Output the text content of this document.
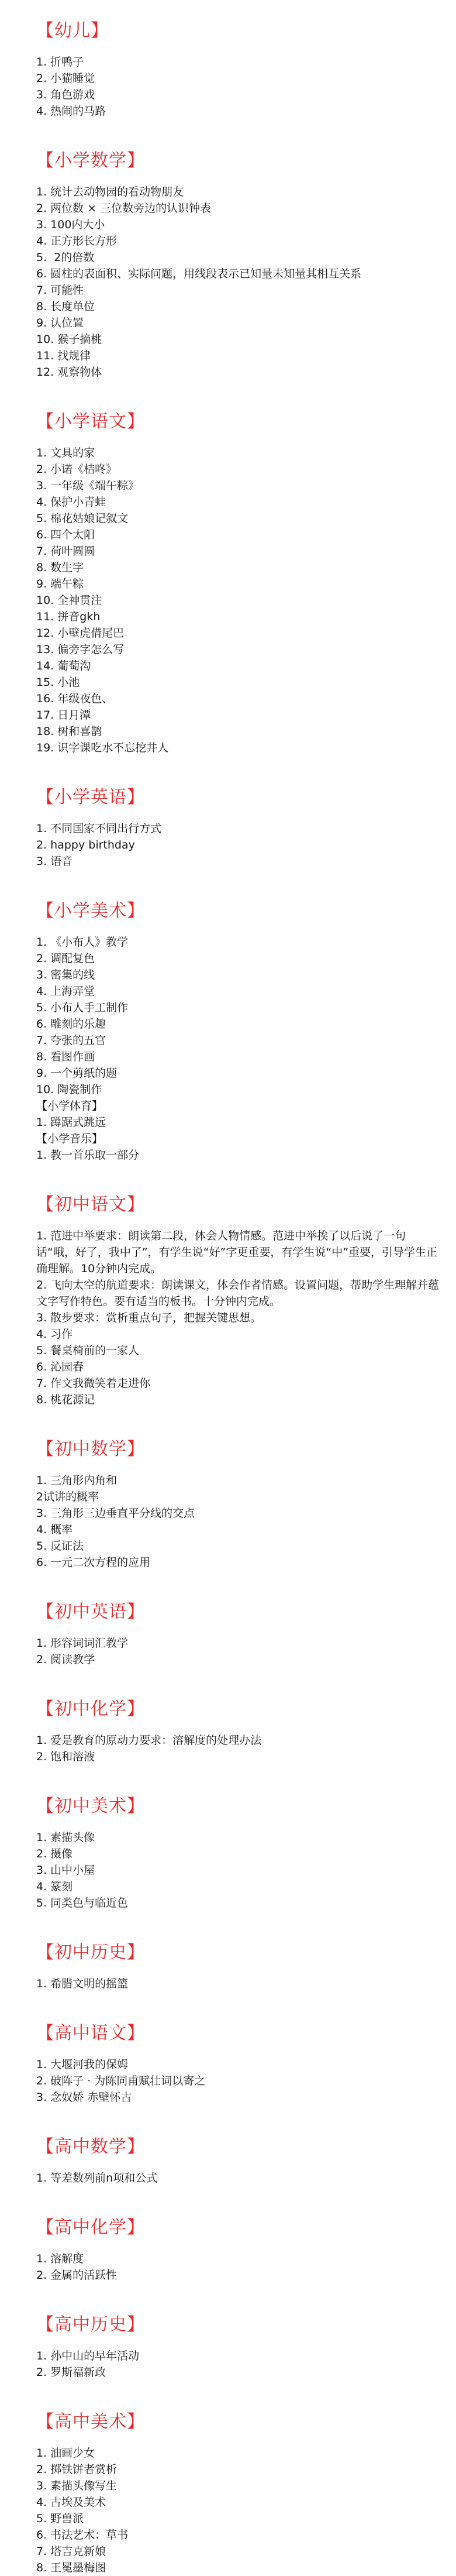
【幼儿】
1. 折鸭子
2. 小猫睡觉
3. 角色游戏
4. 热闹的马路
【小学数学】
1. 统计去动物园的看动物朋友
2. 两位数 × 三位数旁边的认识钟表
3. 100内大小
4. 正方形长方形
5.  2的倍数
6. 圆柱的表面积、实际问题，用线段表示已知量未知量其相互关系
7. 可能性
8. 长度单位
9. 认位置
10. 猴子摘桃
11. 找规律
12. 观察物体
【小学语文】
1. 文具的家
2. 小诺《桔咚》
3. 一年级《端午粽》
4. 保护小青蛙
5. 棉花姑娘记叙文
6. 四个太阳
7. 荷叶圆圆
8. 数生字
9. 端午粽
10. 全神贯注
11. 拼音gkh
12. 小壁虎借尾巴
13. 偏旁字怎么写
14. 葡萄沟
15. 小池
16. 年级夜色、
17. 日月潭
18. 树和喜鹊
19. 识字课吃水不忘挖井人
【小学英语】
1. 不同国家不同出行方式
2. happy birthday
3. 语音
【小学美术】
1. 《小布人》教学
2. 调配复色
3. 密集的线
4. 上海弄堂
5. 小布人手工制作
6. 雕刻的乐趣
7. 夸张的五官
8. 看图作画
9. 一个剪纸的题
10. 陶瓷制作
【小学体育】
1. 蹲踞式跳远
【小学音乐】
1. 教一首乐取一部分
【初中语文】
1. 范进中举要求：朗读第二段，体会人物情感。范进中举挨了以后说了一句话“哦，好了，我中了”，有学生说“好”字更重要，有学生说“中”重要，引导学生正确理解。10分钟内完成。
2. 飞向太空的航道要求：朗读课文，体会作者情感。设置问题，帮助学生理解并蕴文字写作特色。要有适当的板书。十分钟内完成。
3. 散步要求：赏析重点句子，把握关键思想。
4. 习作
5. 餐桌椅前的一家人
6. 沁园春
7. 作文我微笑着走进你
8. 桃花源记
【初中数学】
1. 三角形内角和
2试讲的概率
3. 三角形三边垂直平分线的交点
4. 概率
5. 反证法
6. 一元二次方程的应用
【初中英语】
1. 形容词词汇教学
2. 阅读教学
【初中化学】
1. 爱是教育的原动力要求：溶解度的处理办法
2. 饱和溶液
【初中美术】
1. 素描头像
2. 摄像
3. 山中小屋
4. 篆刻
5. 同类色与临近色
【初中历史】
1. 希腊文明的摇篮
【高中语文】
1. 大堰河我的保姆
2. 破阵子 · 为陈同甫赋壮词以寄之
3. 念奴娇 赤壁怀古
【高中数学】
1. 等差数列前n项和公式
【高中化学】
1. 溶解度
2. 金属的活跃性
【高中历史】
1. 孙中山的早年活动
2. 罗斯福新政
【高中美术】
1. 油画少女
2. 掷铁饼者赏析
3. 素描头像写生
4. 古埃及美术
5. 野兽派
6. 书法艺术：草书
7. 塔吉克新娘
8. 王冕墨梅图
